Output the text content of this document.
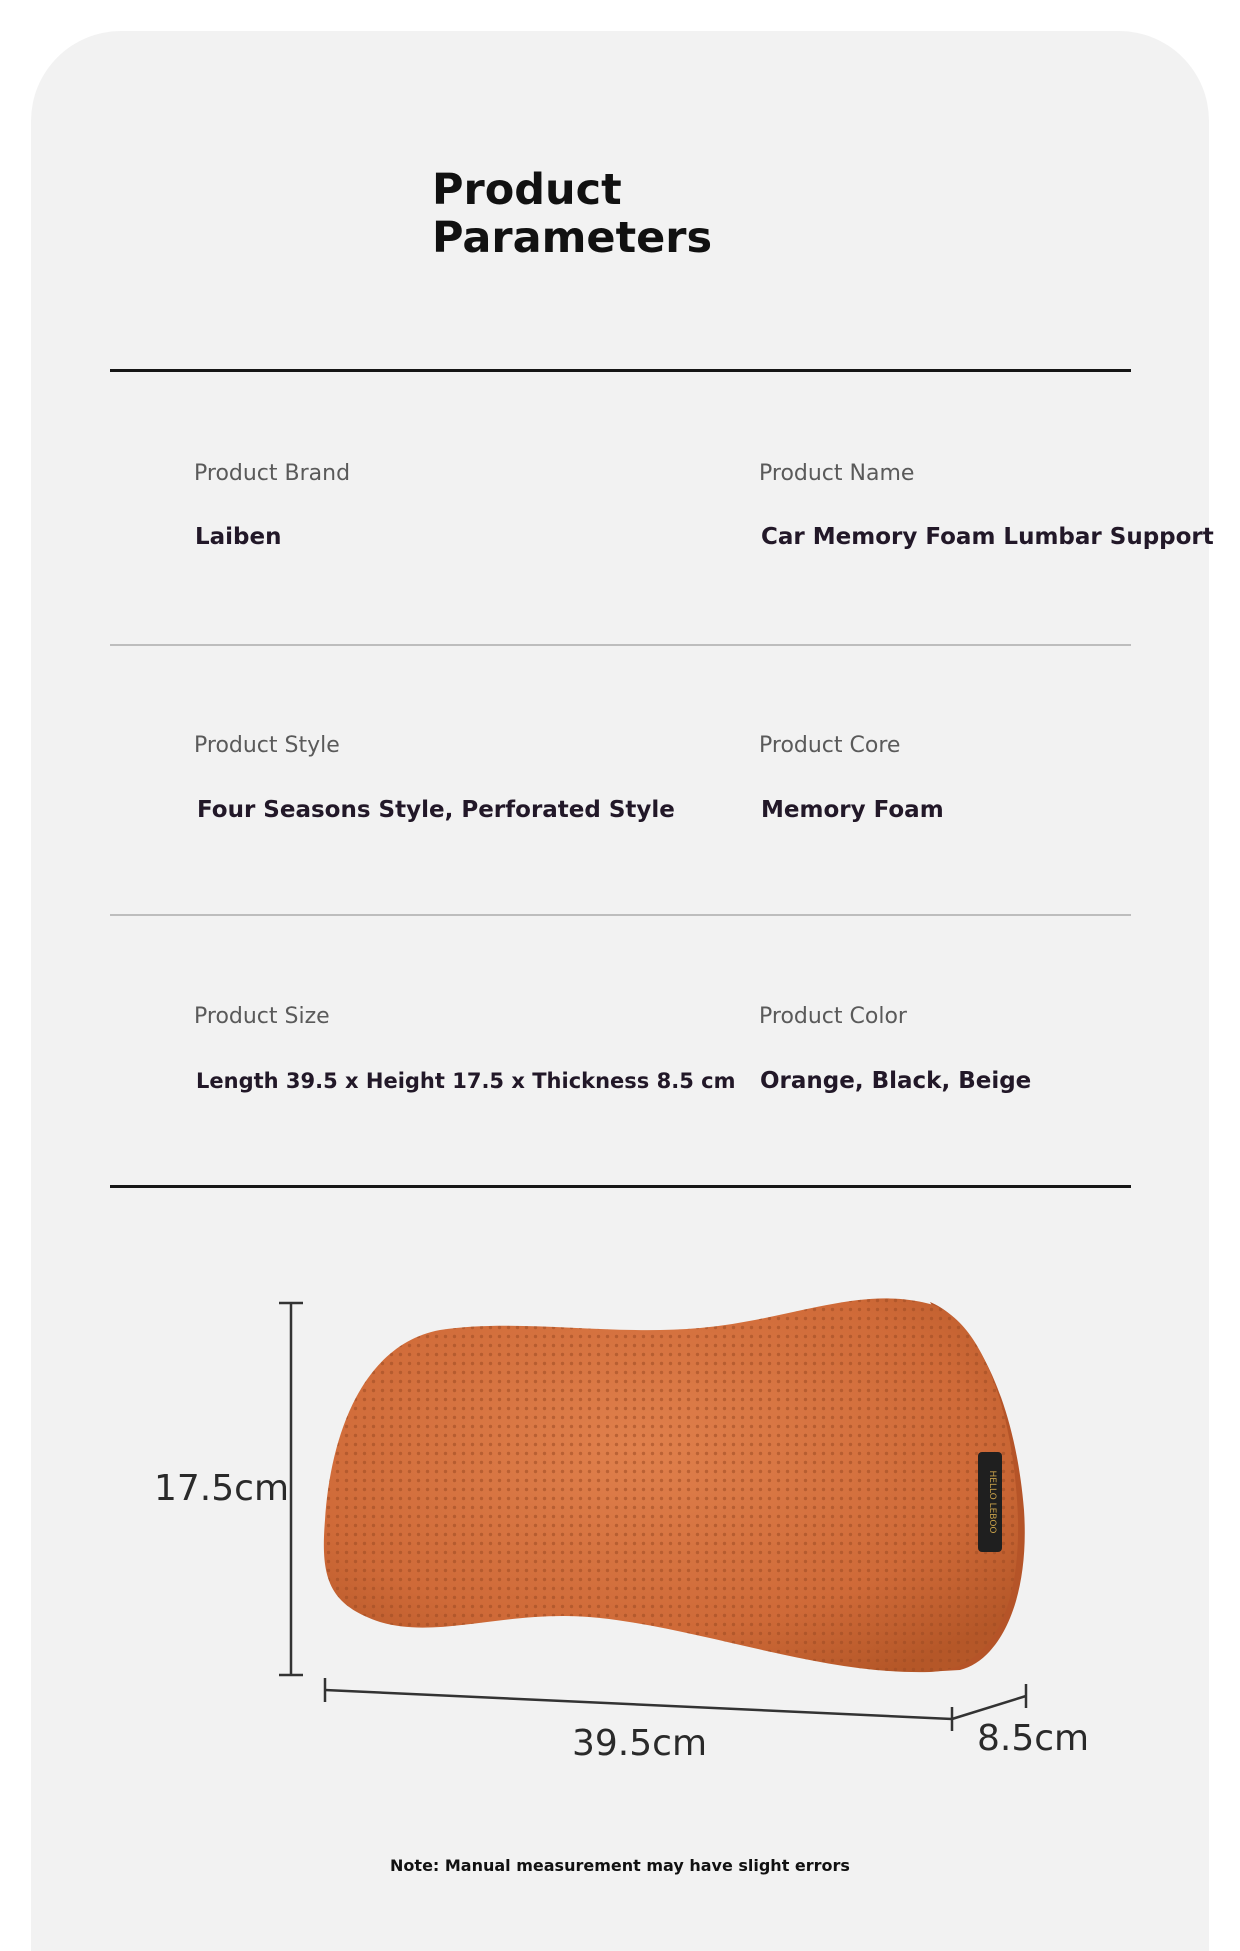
Product
Parameters
Product Brand
Laiben
Product Name
Car Memory Foam Lumbar Support
Product Style
Four Seasons Style, Perforated Style
Product Core
Memory Foam
Product Size
Length 39.5 x Height 17.5 x Thickness 8.5 cm
Product Color
Orange, Black, Beige
HELLO LEBOO
17.5cm
39.5cm	8.5cm
Note: Manual measurement may have slight errors
